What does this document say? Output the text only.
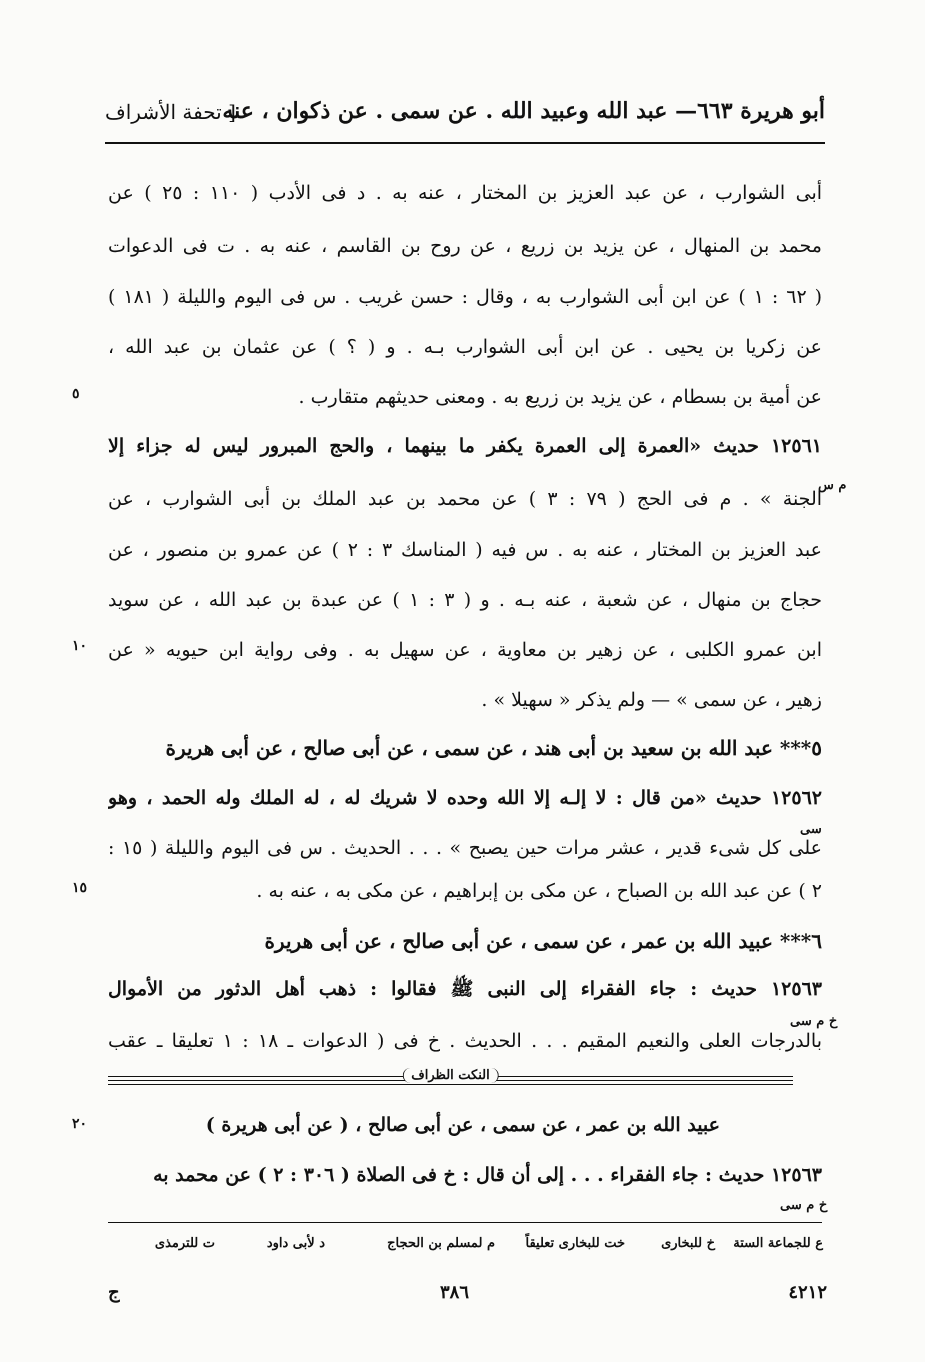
أبو هريرة ٦٦٣— عبد الله وعبيد الله . عن سمى . عن ذكوان ، عنه
[ تحفة الأشراف
أبى الشوارب ، عن عبد العزيز بن المختار ، عنه به . د فى الأدب ( ١١٠ : ٢٥ ) عن
محمد بن المنهال ، عن يزيد بن زريع ، عن روح بن القاسم ، عنه به . ت فى الدعوات
( ٦٢ : ١ ) عن ابن أبى الشوارب به ، وقال : حسن غريب . س فى اليوم والليلة ( ١٨١ )
عن زكريا بن يحيى . عن ابن أبى الشوارب بـه . و ( ؟ ) عن عثمان بن عبد الله ،
عن أمية بن بسطام ، عن يزيد بن زريع به . ومعنى حديثهم متقارب .
١٢٥٦١ حديث «العمرة إلى العمرة يكفر ما بينهما ، والحج المبرور ليس له جزاء إلا
الجنة » . م فى الحج ( ٧٩ : ٣ ) عن محمد بن عبد الملك بن أبى الشوارب ، عن
عبد العزيز بن المختار ، عنه به . س فيه ( المناسك ٣ : ٢ ) عن عمرو بن منصور ، عن
حجاج بن منهال ، عن شعبة ، عنه بـه . و ( ٣ : ١ ) عن عبدة بن عبد الله ، عن سويد
ابن عمرو الكلبى ، عن زهير بن معاوية ، عن سهيل به . وفى رواية ابن حيويه « عن
زهير ، عن سمى » — ولم يذكر « سهيلا » .
٥*** عبد الله بن سعيد بن أبى هند ، عن سمى ، عن أبى صالح ، عن أبى هريرة
١٢٥٦٢ حديث «من قال : لا إلـه إلا الله وحده لا شريك له ، له الملك وله الحمد ، وهو
على كل شىء قدير ، عشر مرات حين يصبح » . . . الحديث . س فى اليوم والليلة ( ١٥ :
٢ ) عن عبد الله بن الصباح ، عن مكى بن إبراهيم ، عن مكى به ، عنه به .
٦*** عبيد الله بن عمر ، عن سمى ، عن أبى صالح ، عن أبى هريرة
١٢٥٦٣ حديث : جاء الفقراء إلى النبى ﷺ فقالوا : ذهب أهل الدثور من الأموال
بالدرجات العلى والنعيم المقيم . . . الحديث . خ فى ( الدعوات ـ ١٨ : ١ تعليقا ـ عقب
٥
١٠
١٥
٢٠
م س
سى
خ م سى
خ م سى
النكت الظراف
عبيد الله بن عمر ، عن سمى ، عن أبى صالح ، ( عن أبى هريرة )
١٢٥٦٣ حديث : جاء الفقراء . . . إلى أن قال : خ فى الصلاة ( ٣٠٦ : ٢ ) عن محمد به
ع للجماعة الستة
خ للبخارى
خت للبخارى تعليقاً
م لمسلم بن الحجاج
د لأبى داود
ت للترمذى
٤٢١٢
٣٨٦
ج
